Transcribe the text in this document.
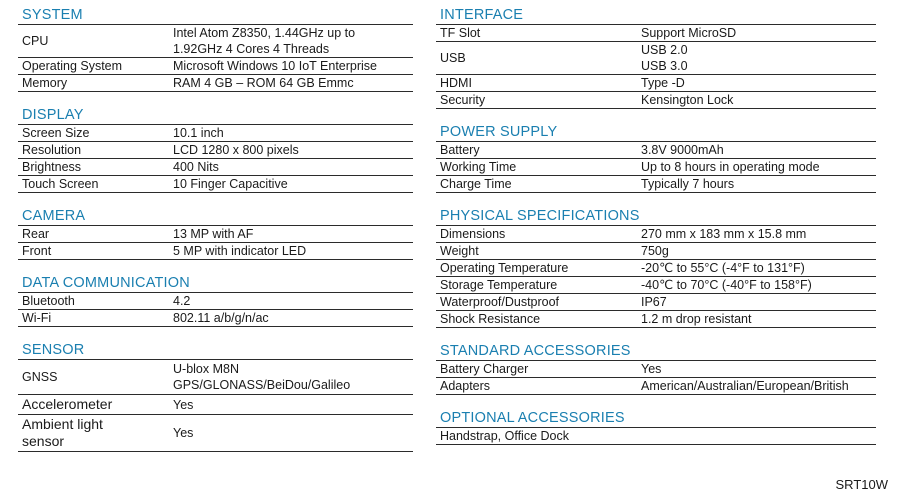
SYSTEM
CPU	Intel Atom Z8350, 1.44GHz up to
1.92GHz 4 Cores 4 Threads

Operating System	Microsoft Windows 10 IoT Enterprise
Memory	RAM 4 GB – ROM 64 GB Emmc
DISPLAY
Screen Size	10.1 inch
Resolution	LCD 1280 x 800 pixels
Brightness	400 Nits
Touch Screen	10 Finger Capacitive
CAMERA
Rear	13 MP with AF
Front	5 MP with indicator LED
DATA COMMUNICATION
Bluetooth	4.2
Wi-Fi	802.11 a/b/g/n/ac
SENSOR
GNSS	U-blox M8N
GPS/GLONASS/BeiDou/Galileo

Accelerometer	Yes

Ambient light
sensor	Yes
INTERFACE
TF Slot	Support MicroSD
USB	USB 2.0
USB 3.0

HDMI	Type -D
Security	Kensington Lock
POWER SUPPLY
Battery	3.8V 9000mAh
Working Time	Up to 8 hours in operating mode
Charge Time	Typically 7 hours
PHYSICAL SPECIFICATIONS
Dimensions	270 mm x 183 mm x 15.8 mm
Weight	750g
Operating Temperature	-20℃ to 55°C (-4°F to 131°F)
Storage Temperature	-40℃ to 70°C (-40°F to 158°F)
Waterproof/Dustproof	IP67
Shock Resistance	1.2 m drop resistant
STANDARD ACCESSORIES
Battery Charger	Yes
Adapters	American/Australian/European/British
OPTIONAL ACCESSORIES
Handstrap, Office Dock
SRT10W
